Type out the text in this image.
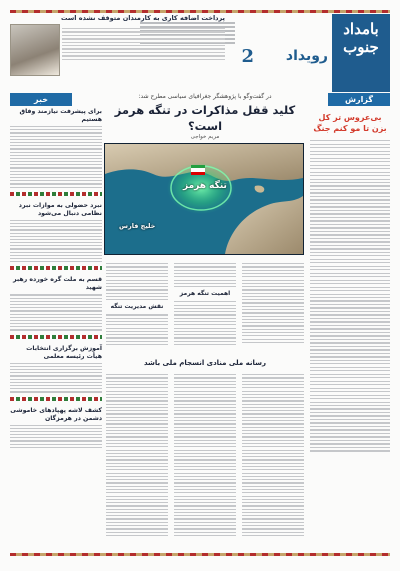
بامداد جنوب
رویداد
2
پرداخت اضافه کاری به کارمندان متوقف نشده است
گزارش
خبر
بی‌عروس تر کل بزن تا مو کنم جنگ
برای پیشرفت نیازمند وفاق هستیم
نبرد حضولی به موازات نبرد نظامی دنبال می‌شود
قسم به ملت گره خورده رهبر شهید
آموزش برگزاری انتخابات هیأت رئیسه معلمی
کشف لاشه پهپادهای خاموشی دشمن در هرمزگان
در گفت‌وگو با پژوهشگر جغرافیای سیاسی مطرح شد:
کلید قفل مذاکرات در تنگه هرمز است؟
مریم خواجی
تنگه هرمز
خلیج فارس
اهمیت تنگه هرمز
نقش مدیریت تنگه
رسانه ملی منادی انسجام ملی باشد
